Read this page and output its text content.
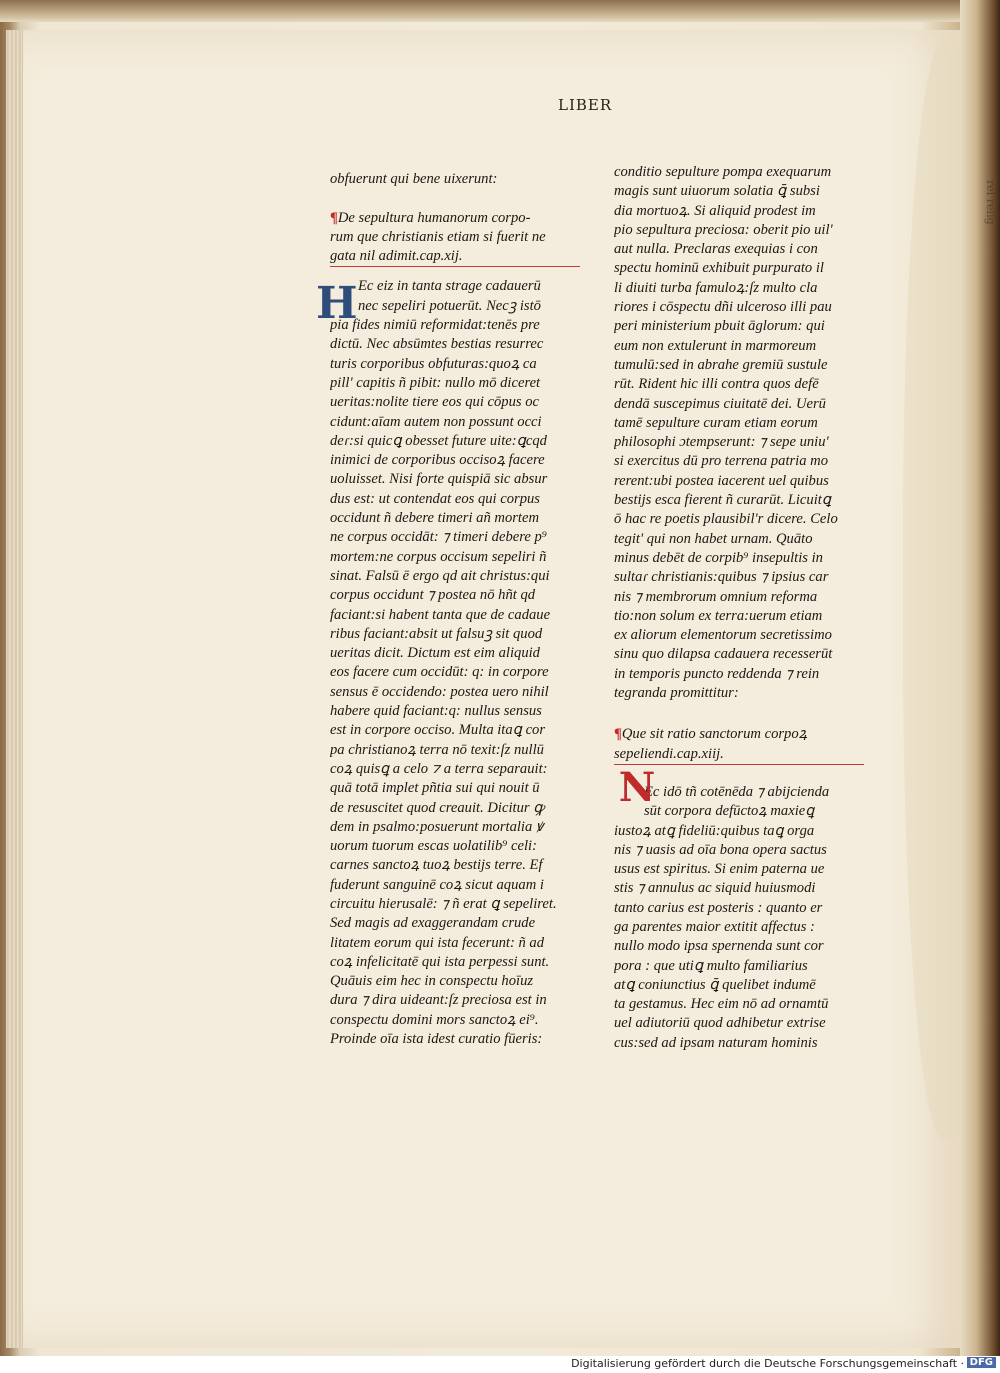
rel relig
LIBER
obfuerunt qui bene uixerunt:
¶De sepultura humanorum corpo-
rum que christianis etiam si fuerit ne
gata nil adimit.cap.xij.
Ec eiz in tanta strage cadauerū
nec sepeliri potuerūt. Necꝫ istō
pia fides nimiū reformidat:tenēs pre
dictū. Nec absūmtes bestias resurrec
turis corporibus obfuturas:quoꝝ ca
pill' capitis ñ pibit: nullo mō diceret
ueritas:nolite tiere eos qui cōpus oc
cidunt:aīam autem non possunt occi
deɾ:si quicꝗ obesset future uite:ꝗcqd
inimici de corporibus occisoꝝ facere
uoluisset. Nisi forte quispiā sic absur
dus est: ut contendat eos qui corpus
occidunt ñ debere timeri añ mortem
ne corpus occidāt: ⁊ timeri debere p⁹
mortem:ne corpus occisum sepeliri ñ
sinat. Falsū ē ergo qd ait christus:qui
corpus occidunt ⁊ postea nō hñt qd
faciant:si habent tanta que de cadaue
ribus faciant:absit ut falsuꝫ sit quod
ueritas dicit. Dictum est eim aliquid
eos facere cum occidūt: q: in corpore
sensus ē occidendo: postea uero nihil
habere quid faciant:q: nullus sensus
est in corpore occiso. Multa itaꝗ cor
pa christianoꝝ terra nō texit:ſz nullū
coꝝ quisꝗ a celo ⁊ a terra separauit:
quā totā implet pñtia sui qui nouit ū
de resuscitet quod creauit. Dicitur ꝙ
dem in psalmo:posuerunt mortalia ꝟ
uorum tuorum escas uolatilib⁹ celi:
carnes sanctoꝝ tuoꝝ bestijs terre. Ef
fuderunt sanguinē coꝝ sicut aquam i
circuitu hierusalē: ⁊ ñ erat ꝗ sepeliret.
Sed magis ad exaggerandam crude
litatem eorum qui ista fecerunt: ñ ad
coꝝ infelicitatē qui ista perpessi sunt.
Quāuis eim hec in conspectu hoīuz
dura ⁊ dira uideant:ſz preciosa est in
conspectu domini mors sanctoꝝ ei⁹.
Proinde oīa ista idest curatio fūeris:
H
conditio sepulture pompa exequarum
magis sunt uiuorum solatia ꝗ̄ subsi
dia mortuoꝝ. Si aliquid prodest im
pio sepultura preciosa: oberit pio uil'
aut nulla. Preclaras exequias i con
spectu hominū exhibuit purpurato il
li diuiti turba famuloꝝ:ſz multo cla
riores i cōspectu dñi ulceroso illi pau
peri ministerium pbuit āglorum: qui
eum non extulerunt in marmoreum
tumulū:sed in abrahe gremiū sustule
rūt. Rident hic illi contra quos defē
dendā suscepimus ciuitatē dei. Uerū
tamē sepulture curam etiam eorum
philosophi ɔtempserunt: ⁊ sepe uniu'
si exercitus dū pro terrena patria mo
rerent:ubi postea iacerent uel quibus
bestijs esca fierent ñ curarūt. Licuitꝗ
ō hac re poetis plausibil'r dicere. Celo
tegit' qui non habet urnam. Quāto
minus debēt de corpib⁹ insepultis in
sultaɾ christianis:quibus ⁊ ipsius car
nis ⁊ membrorum omnium reforma
tio:non solum ex terra:uerum etiam
ex aliorum elementorum secretissimo
sinu quo dilapsa cadauera recesserūt
in temporis puncto reddenda ⁊ rein
tegranda promittitur:
¶Que sit ratio sanctorum corpoꝝ
sepeliendi.cap.xiij.
Ec idō tñ cotēnēda ⁊ abijcienda
sūt corpora defūctoꝝ maxieꝗ
iustoꝝ atꝗ fideliū:quibus taꝗ orga
nis ⁊ uasis ad oīa bona opera sactus
usus est spiritus. Si enim paterna ue
stis ⁊ annulus ac siquid huiusmodi
tanto carius est posteris : quanto er
ga parentes maior extitit affectus :
nullo modo ipsa spernenda sunt cor
pora : que utiꝗ multo familiarius
atꝗ coniunctius ꝗ̄ quelibet indumē
ta gestamus. Hec eim nō ad ornamtū
uel adiutoriū quod adhibetur extrise
cus:sed ad ipsam naturam hominis
N
Digitalisierung gefördert durch die Deutsche Forschungsgemeinschaft · DFG
